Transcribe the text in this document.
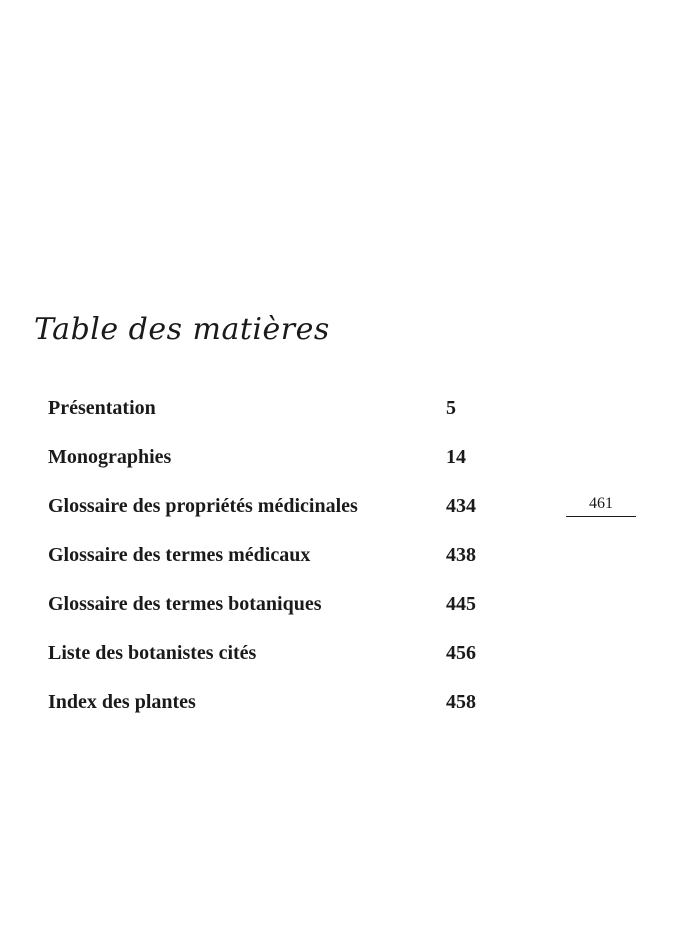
Table des matières
Présentation	5
Monographies	14
Glossaire des propriétés médicinales	434
Glossaire des termes médicaux	438
Glossaire des termes botaniques	445
Liste des botanistes cités	456
Index des plantes	458
461
